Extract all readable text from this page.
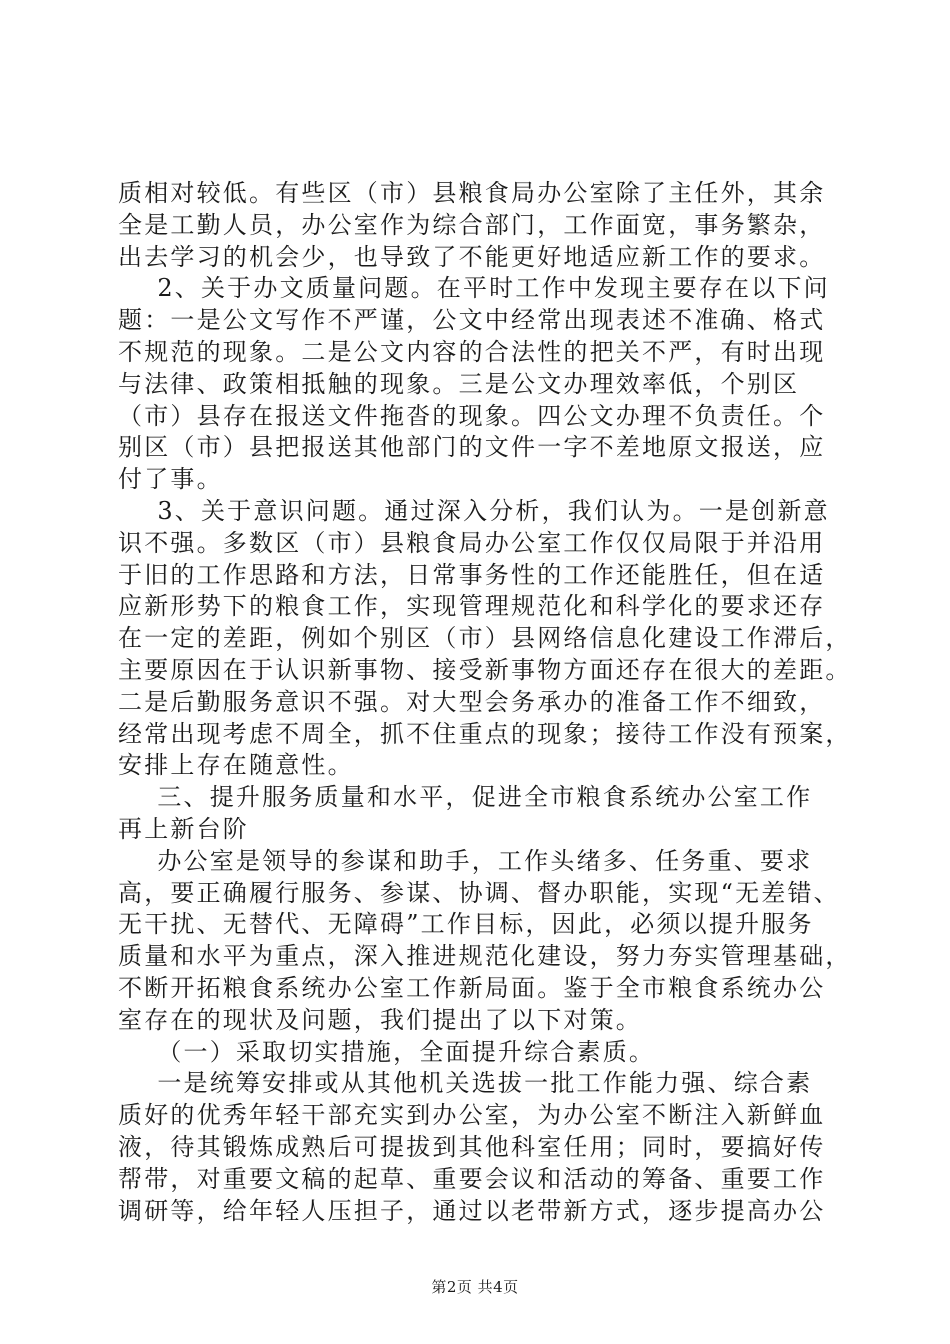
质相对较低。有些区（市）县粮食局办公室除了主任外，其余
全是工勤人员，办公室作为综合部门，工作面宽，事务繁杂，
出去学习的机会少，也导致了不能更好地适应新工作的要求。
2、关于办文质量问题。在平时工作中发现主要存在以下问
题：一是公文写作不严谨，公文中经常出现表述不准确、格式
不规范的现象。二是公文内容的合法性的把关不严，有时出现
与法律、政策相抵触的现象。三是公文办理效率低，个别区
（市）县存在报送文件拖沓的现象。四公文办理不负责任。个
别区（市）县把报送其他部门的文件一字不差地原文报送，应
付了事。
3、关于意识问题。通过深入分析，我们认为。一是创新意
识不强。多数区（市）县粮食局办公室工作仅仅局限于并沿用
于旧的工作思路和方法，日常事务性的工作还能胜任，但在适
应新形势下的粮食工作，实现管理规范化和科学化的要求还存
在一定的差距，例如个别区（市）县网络信息化建设工作滞后，
主要原因在于认识新事物、接受新事物方面还存在很大的差距。
二是后勤服务意识不强。对大型会务承办的准备工作不细致，
经常出现考虑不周全，抓不住重点的现象；接待工作没有预案，
安排上存在随意性。
三、提升服务质量和水平，促进全市粮食系统办公室工作
再上新台阶
办公室是领导的参谋和助手，工作头绪多、任务重、要求
高，要正确履行服务、参谋、协调、督办职能，实现“无差错、
无干扰、无替代、无障碍”工作目标，因此，必须以提升服务
质量和水平为重点，深入推进规范化建设，努力夯实管理基础，
不断开拓粮食系统办公室工作新局面。鉴于全市粮食系统办公
室存在的现状及问题，我们提出了以下对策。
（一）采取切实措施，全面提升综合素质。
一是统筹安排或从其他机关选拔一批工作能力强、综合素
质好的优秀年轻干部充实到办公室，为办公室不断注入新鲜血
液，待其锻炼成熟后可提拔到其他科室任用；同时，要搞好传
帮带，对重要文稿的起草、重要会议和活动的筹备、重要工作
调研等，给年轻人压担子，通过以老带新方式，逐步提高办公
第2页 共4页
